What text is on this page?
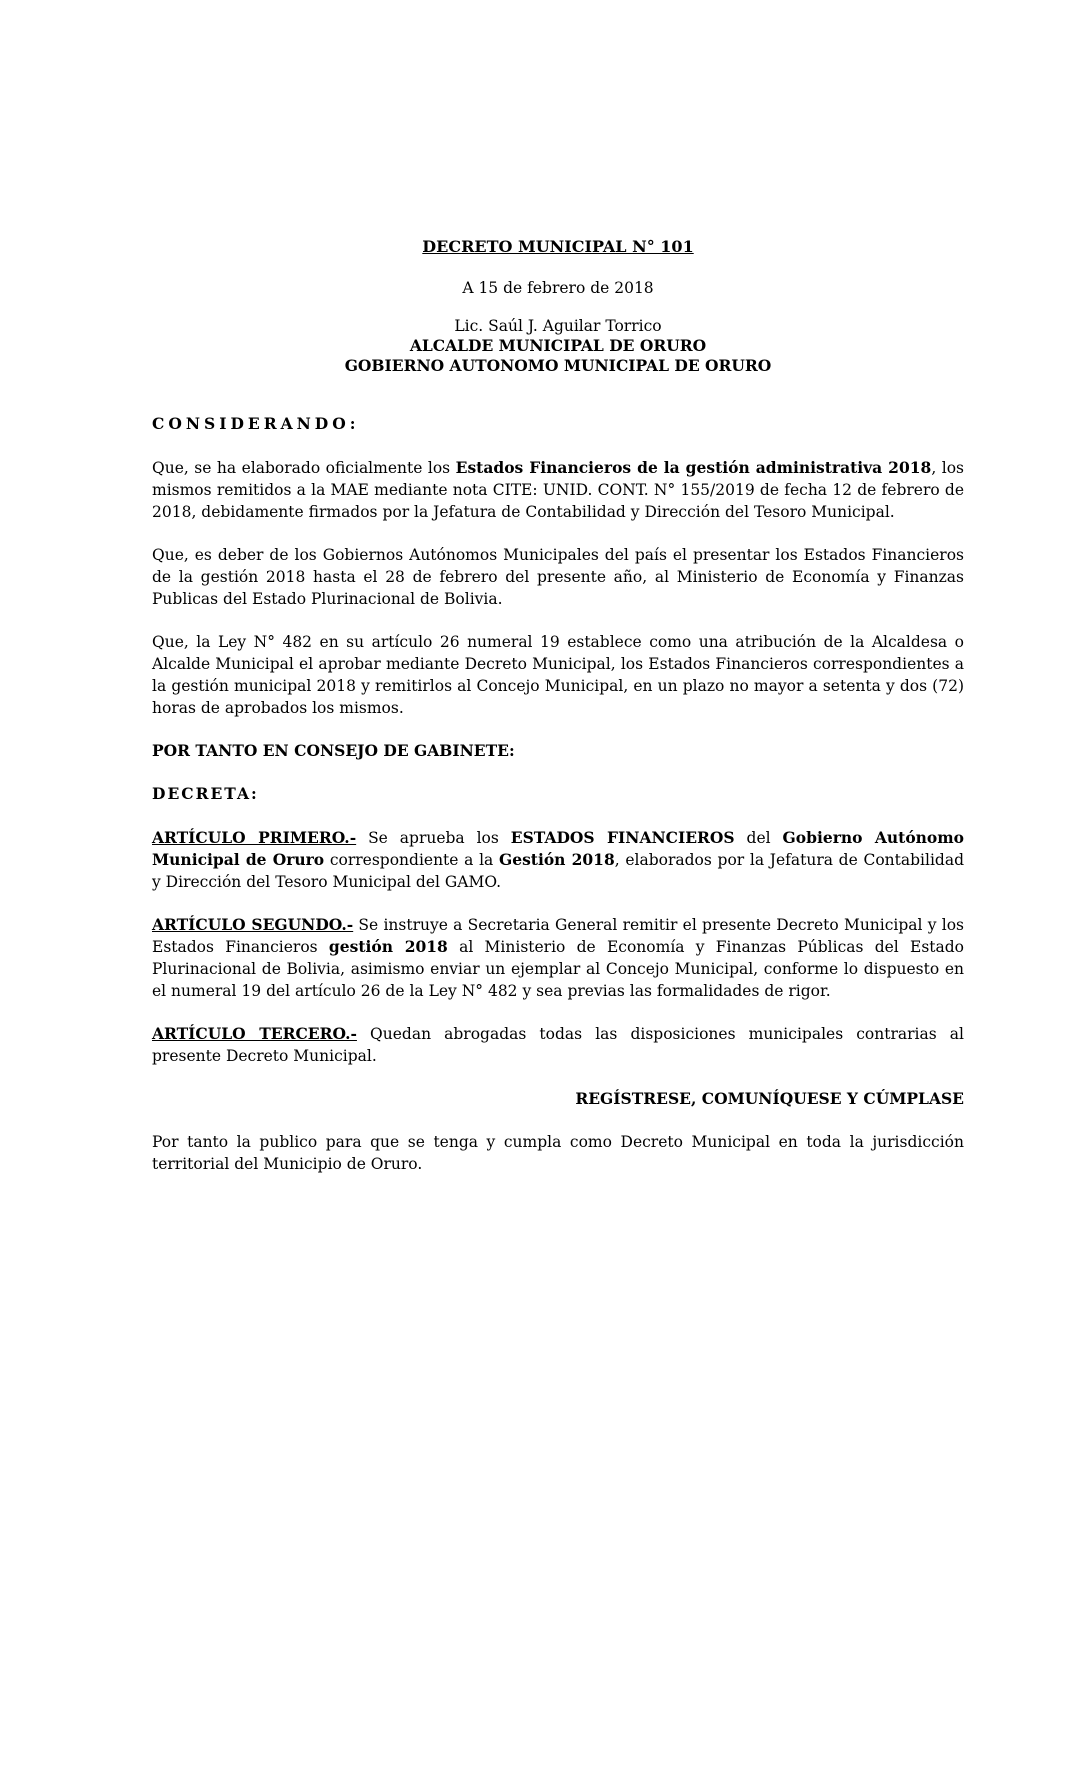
DECRETO MUNICIPAL N° 101
A 15 de febrero de 2018
Lic. Saúl J. Aguilar Torrico
ALCALDE MUNICIPAL DE ORURO
GOBIERNO AUTONOMO MUNICIPAL DE ORURO
CONSIDERANDO:

Que, se ha elaborado oficialmente los Estados Financieros de la gestión administrativa 2018, los mismos remitidos a la MAE mediante nota CITE: UNID. CONT. N° 155/2019 de fecha 12 de febrero de 2018, debidamente firmados por la Jefatura de Contabilidad y Dirección del Tesoro Municipal.

Que, es deber de los Gobiernos Autónomos Municipales del país el presentar los Estados Financieros de la gestión 2018 hasta el 28 de febrero del presente año, al Ministerio de Economía y Finanzas Publicas del Estado Plurinacional de Bolivia.

Que, la Ley N° 482 en su artículo 26 numeral 19 establece como una atribución de la Alcaldesa o Alcalde Municipal el aprobar mediante Decreto Municipal, los Estados Financieros correspondientes a la gestión municipal 2018 y remitirlos al Concejo Municipal, en un plazo no mayor a setenta y dos (72) horas de aprobados los mismos.

POR TANTO EN CONSEJO DE GABINETE:
DECRETA:

ARTÍCULO PRIMERO.- Se aprueba los ESTADOS FINANCIEROS del Gobierno Autónomo Municipal de Oruro correspondiente a la Gestión 2018, elaborados por la Jefatura de Contabilidad y Dirección del Tesoro Municipal del GAMO.

ARTÍCULO SEGUNDO.- Se instruye a Secretaria General remitir el presente Decreto Municipal y los Estados Financieros gestión 2018 al Ministerio de Economía y Finanzas Públicas del Estado Plurinacional de Bolivia, asimismo enviar un ejemplar al Concejo Municipal, conforme lo dispuesto en el numeral 19 del artículo 26 de la Ley N° 482 y sea previas las formalidades de rigor.

ARTÍCULO TERCERO.- Quedan abrogadas todas las disposiciones municipales contrarias al presente Decreto Municipal.

REGÍSTRESE, COMUNÍQUESE Y CÚMPLASE

Por tanto la publico para que se tenga y cumpla como Decreto Municipal en toda la jurisdicción territorial del Municipio de Oruro.
